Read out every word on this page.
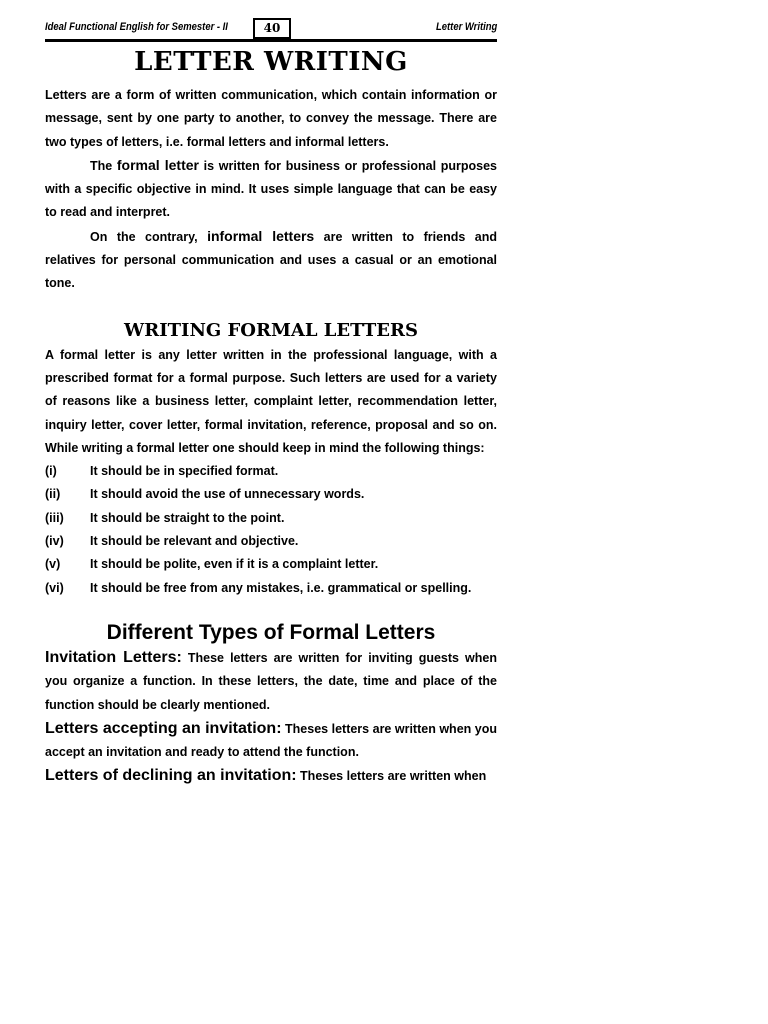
Ideal Functional English for Semester - II	40	Letter Writing
LETTER WRITING

Letters are a form of written communication, which contain information or message, sent by one party to another, to convey the message. There are two types of letters, i.e. formal letters and informal letters.

The formal letter is written for business or professional purposes with a specific objective in mind. It uses simple language that can be easy to read and interpret.

On the contrary, informal letters are written to friends and relatives for personal communication and uses a casual or an emotional tone.

WRITING FORMAL LETTERS

A formal letter is any letter written in the professional language, with a prescribed format for a formal purpose. Such letters are used for a variety of reasons like a business letter, complaint letter, recommendation letter, inquiry letter, cover letter, formal invitation, reference, proposal and so on. While writing a formal letter one should keep in mind the following things:

(i)	It should be in specified format.
(ii)	It should avoid the use of unnecessary words.
(iii)	It should be straight to the point.
(iv)	It should be relevant and objective.
(v)	It should be polite, even if it is a complaint letter.
(vi)	It should be free from any mistakes, i.e. grammatical or spelling.
Different Types of Formal Letters

Invitation Letters: These letters are written for inviting guests when you organize a function. In these letters, the date, time and place of the function should be clearly mentioned.

Letters accepting an invitation: Theses letters are written when you accept an invitation and ready to attend the function.

Letters of declining an invitation: Theses letters are written when
